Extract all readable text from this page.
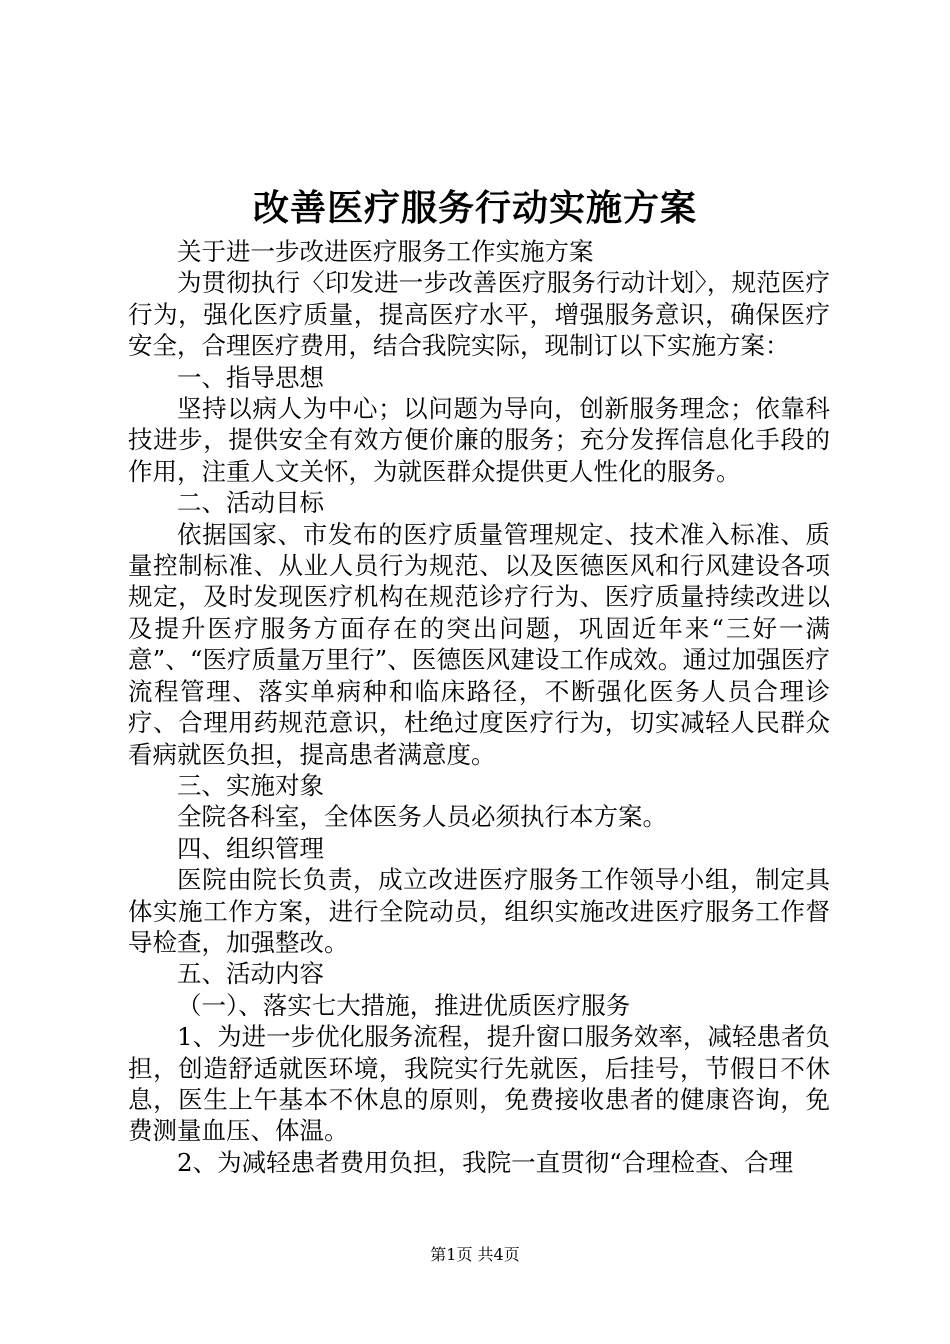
改善医疗服务行动实施方案

关于进一步改进医疗服务工作实施方案

为贯彻执行〈印发进一步改善医疗服务行动计划〉，规范医疗行为，强化医疗质量，提高医疗水平，增强服务意识，确保医疗安全，合理医疗费用，结合我院实际，现制订以下实施方案：

一、指导思想

坚持以病人为中心；以问题为导向，创新服务理念；依靠科技进步，提供安全有效方便价廉的服务；充分发挥信息化手段的作用，注重人文关怀，为就医群众提供更人性化的服务。

二、活动目标

依据国家、市发布的医疗质量管理规定、技术准入标准、质量控制标准、从业人员行为规范、以及医德医风和行风建设各项规定，及时发现医疗机构在规范诊疗行为、医疗质量持续改进以及提升医疗服务方面存在的突出问题，巩固近年来“三好一满意”、“医疗质量万里行”、医德医风建设工作成效。通过加强医疗流程管理、落实单病种和临床路径，不断强化医务人员合理诊疗、合理用药规范意识，杜绝过度医疗行为，切实减轻人民群众看病就医负担，提高患者满意度。

三、实施对象

全院各科室，全体医务人员必须执行本方案。

四、组织管理

医院由院长负责，成立改进医疗服务工作领导小组，制定具体实施工作方案，进行全院动员，组织实施改进医疗服务工作督导检查，加强整改。

五、活动内容

（一）、落实七大措施，推进优质医疗服务

1、为进一步优化服务流程，提升窗口服务效率，减轻患者负担，创造舒适就医环境，我院实行先就医，后挂号，节假日不休息，医生上午基本不休息的原则，免费接收患者的健康咨询，免费测量血压、体温。

2、为减轻患者费用负担，我院一直贯彻“合理检查、合理

第1页 共4页
